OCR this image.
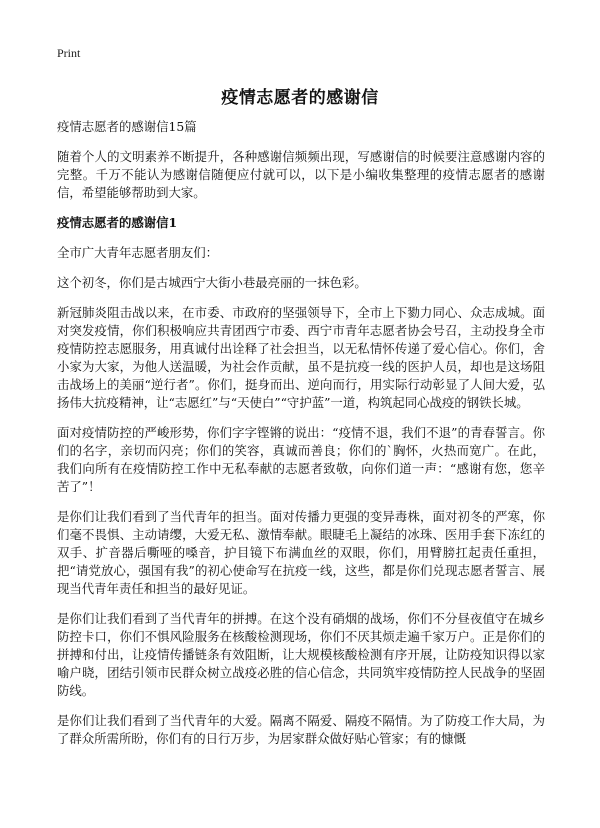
Print
疫情志愿者的感谢信
疫情志愿者的感谢信15篇

随着个人的文明素养不断提升，各种感谢信频频出现，写感谢信的时候要注意感谢内容的完整。千万不能认为感谢信随便应付就可以，以下是小编收集整理的疫情志愿者的感谢信，希望能够帮助到大家。

疫情志愿者的感谢信1

全市广大青年志愿者朋友们：

这个初冬，你们是古城西宁大街小巷最亮丽的一抹色彩。

新冠肺炎阻击战以来，在市委、市政府的坚强领导下，全市上下勠力同心、众志成城。面对突发疫情，你们积极响应共青团西宁市委、西宁市青年志愿者协会号召，主动投身全市疫情防控志愿服务，用真诚付出诠释了社会担当，以无私情怀传递了爱心信心。你们，舍小家为大家，为他人送温暖，为社会作贡献，虽不是抗疫一线的医护人员，却也是这场阻击战场上的美丽“逆行者”。你们，挺身而出、逆向而行，用实际行动彰显了人间大爱，弘扬伟大抗疫精神，让“志愿红”与“天使白”“守护蓝”一道，构筑起同心战疫的钢铁长城。

面对疫情防控的严峻形势，你们字字铿锵的说出：“疫情不退，我们不退”的青春誓言。你们的名字，亲切而闪亮；你们的笑容，真诚而善良；你们的`胸怀，火热而宽广。在此，我们向所有在疫情防控工作中无私奉献的志愿者致敬，向你们道一声：“感谢有您，您辛苦了”！

是你们让我们看到了当代青年的担当。面对传播力更强的变异毒株，面对初冬的严寒，你们毫不畏惧、主动请缨，大爱无私、激情奉献。眼睫毛上凝结的冰珠、医用手套下冻红的双手、扩音器后嘶哑的嗓音，护目镜下布满血丝的双眼，你们，用臂膀扛起责任重担，把“请党放心，强国有我”的初心使命写在抗疫一线，这些，都是你们兑现志愿者誓言、展现当代青年责任和担当的最好见证。

是你们让我们看到了当代青年的拼搏。在这个没有硝烟的战场，你们不分昼夜值守在城乡防控卡口，你们不惧风险服务在核酸检测现场，你们不厌其烦走遍千家万户。正是你们的拼搏和付出，让疫情传播链条有效阻断，让大规模核酸检测有序开展，让防疫知识得以家喻户晓，团结引领市民群众树立战疫必胜的信心信念，共同筑牢疫情防控人民战争的坚固防线。

是你们让我们看到了当代青年的大爱。隔离不隔爱、隔疫不隔情。为了防疫工作大局，为了群众所需所盼，你们有的日行万步，为居家群众做好贴心管家；有的慷慨
